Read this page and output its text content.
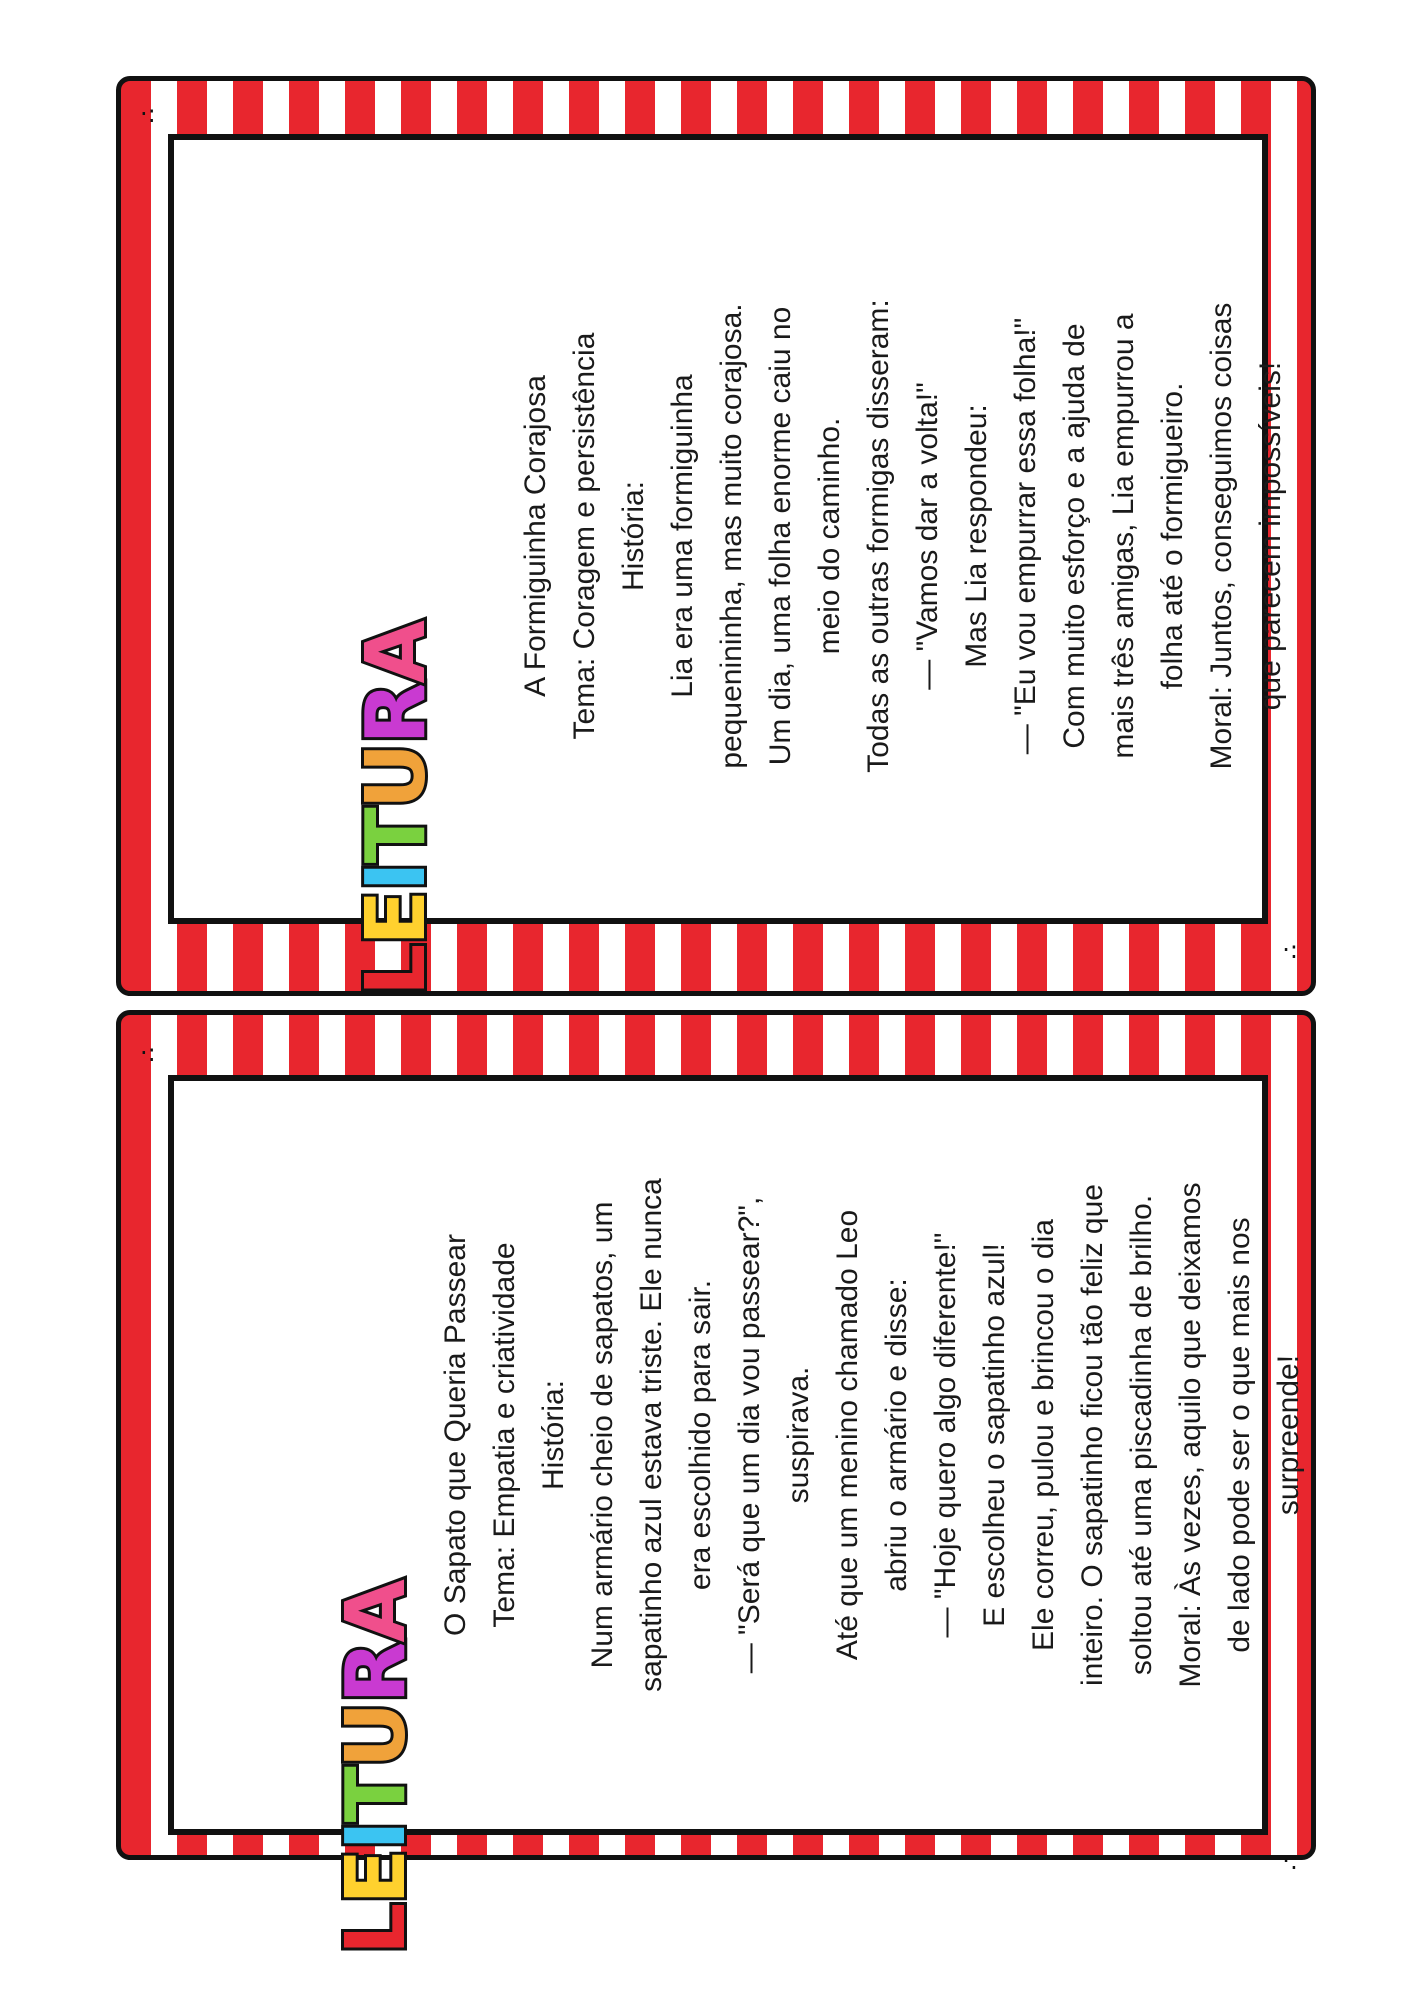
·:
·:
LEITURA O Sapato que Queria Passear Tema: Empatia e criatividade História: Num armário cheio de sapatos, um sapatinho azul estava triste. Ele nunca era escolhido para sair. — "Será que um dia vou passear?", suspirava. Até que um menino chamado Leo abriu o armário e disse: — "Hoje quero algo diferente!" E escolheu o sapatinho azul! Ele correu, pulou e brincou o dia inteiro. O sapatinho ficou tão feliz que soltou até uma piscadinha de brilho. Moral: Às vezes, aquilo que deixamos de lado pode ser o que mais nos surpreende!
·:
·:
LEITURA	A Formiguinha Corajosa Tema: Coragem e persistência História: Lia era uma formiguinha pequenininha, mas muito corajosa. Um dia, uma folha enorme caiu no meio do caminho. Todas as outras formigas disseram: — "Vamos dar a volta!" Mas Lia respondeu: — "Eu vou empurrar essa folha!" Com muito esforço e a ajuda de mais três amigas, Lia empurrou a folha até o formigueiro. Moral: Juntos, conseguimos coisas que parecem impossíveis!
